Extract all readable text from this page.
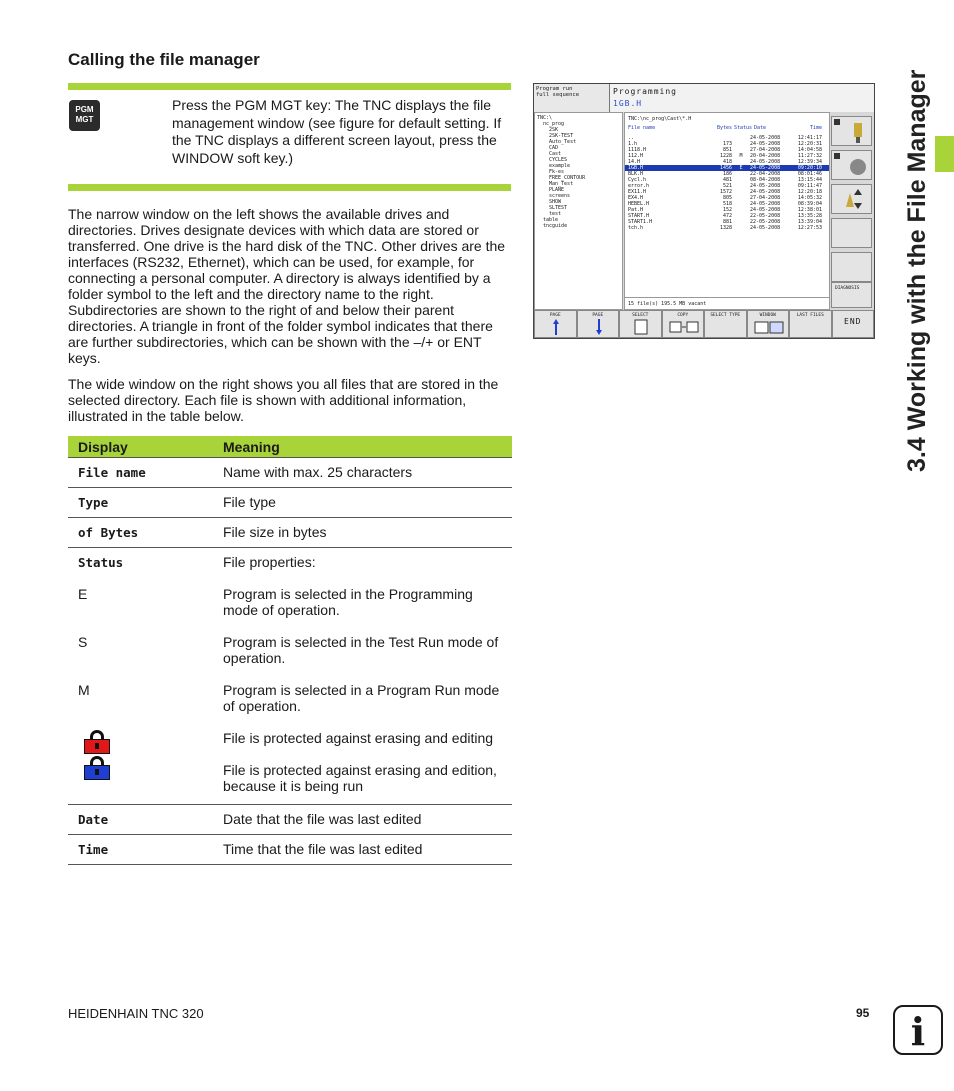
Calling the file manager
PGM
MGT
Press the PGM MGT key: The TNC displays the file management window (see figure for default setting. If the TNC displays a different screen layout, press the WINDOW soft key.)
The narrow window on the left shows the available drives and directories. Drives designate devices with which data are stored or transferred. One drive is the hard disk of the TNC. Other drives are the interfaces (RS232, Ethernet), which can be used, for example, for connecting a personal computer. A directory is always identified by a folder symbol to the left and the directory name to the right. Subdirectories are shown to the right of and below their parent directories. A triangle in front of the folder symbol indicates that there are further subdirectories, which can be shown with the –/+ or ENT keys.
The wide window on the right shows you all files that are stored in the selected directory. Each file is shown with additional information, illustrated in the table below.
Display	Meaning
File name	Name with max. 25 characters
Type	File type
of Bytes	File size in bytes
Status	File properties:
E	Program is selected in the Programming mode of operation.
S	Program is selected in the Test Run mode of operation.
M	Program is selected in a Program Run mode of operation.

	File is protected against erasing and editing

	File is protected against erasing and edition, because it is being run
Date	Date that the file was last edited
Time	Time that the file was last edited
Program run
full sequence	Programming
1GB.H
TNC:\
nc_prog
2SK
2SK-TEST
Auto_Test
CAD
Cast
CYCLES
example
Fk-es
FREE_CONTOUR
Man_Test
PLANE
screens
SHOW
SLTEST
test
table
tncguide
TNC:\nc_prog\Cast\*.H
File name	Bytes Status Date	Time
..	24-05-2008	12:41:17
1.h	173	24-05-2008	12:20:31
1118.H	851	27-04-2008	14:04:58
112.H	1228	M	20-04-2008	11:27:32
14.H	418	24-05-2008	12:39:34
1GB.H	1456	E	24-05-2008	09:20:10
BLK.H	186	22-04-2008	08:01:46
Cycl.h	481	08-04-2008	13:15:44
error.h	521	24-05-2008	09:11:47
EX11.H	1572	24-05-2008	12:20:18
EX4.H	805	27-04-2008	14:05:32
HEBEL.H	518	24-05-2008	08:39:04
Pat.H	152	24-05-2008	12:38:01
START.H	472	22-05-2008	13:35:28
START1.H	881	22-05-2008	13:39:04
tch.h	1328	24-05-2008	12:27:53
15 file(s) 195.5 MB vacant
DIAGNOSIS
PAGE	PAGE	SELECT	COPY	SELECT TYPE	WINDOW	LAST FILES
END	3.4 Working with the File Manager
HEIDENHAIN TNC 320	95 i
